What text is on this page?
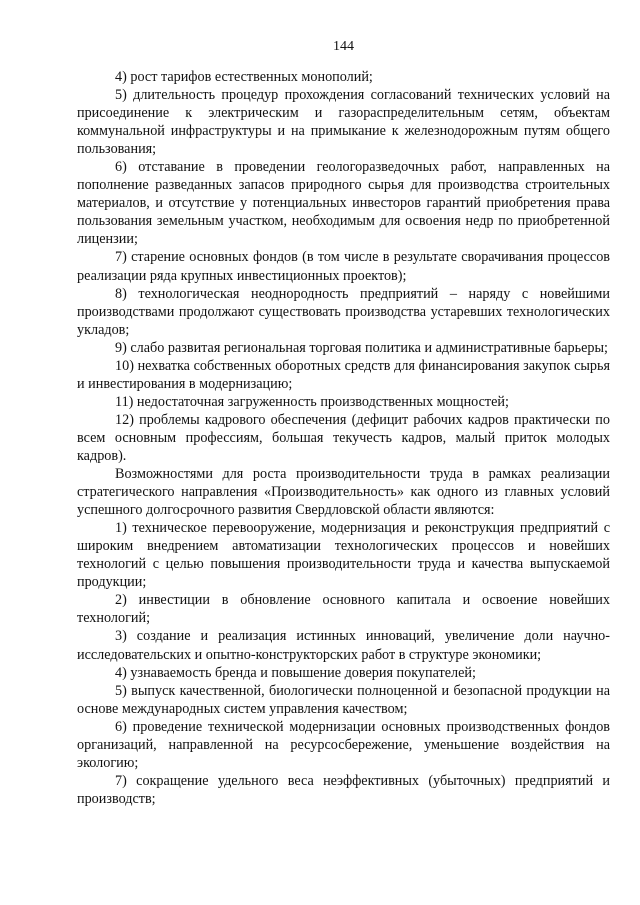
144

4) рост тарифов естественных монополий;

5) длительность процедур прохождения согласований технических условий на присоединение к электрическим и газораспределительным сетям, объектам коммунальной инфраструктуры и на примыкание к железнодорожным путям общего пользования;

6) отставание в проведении геологоразведочных работ, направленных на пополнение разведанных запасов природного сырья для производства строительных материалов, и отсутствие у потенциальных инвесторов гарантий приобретения права пользования земельным участком, необходимым для освоения недр по приобретенной лицензии;

7) старение основных фондов (в том числе в результате сворачивания процессов реализации ряда крупных инвестиционных проектов);

8) технологическая неоднородность предприятий – наряду с новейшими производствами продолжают существовать производства устаревших технологических укладов;

9) слабо развитая региональная торговая политика и административные барьеры;

10) нехватка собственных оборотных средств для финансирования закупок сырья и инвестирования в модернизацию;

11) недостаточная загруженность производственных мощностей;

12) проблемы кадрового обеспечения (дефицит рабочих кадров практически по всем основным профессиям, большая текучесть кадров, малый приток молодых кадров).

Возможностями для роста производительности труда в рамках реализации стратегического направления «Производительность» как одного из главных условий успешного долгосрочного развития Свердловской области являются:

1) техническое перевооружение, модернизация и реконструкция предприятий с широким внедрением автоматизации технологических процессов и новейших технологий с целью повышения производительности труда и качества выпускаемой продукции;

2) инвестиции в обновление основного капитала и освоение новейших технологий;

3) создание и реализация истинных инноваций, увеличение доли научно-исследовательских и опытно-конструкторских работ в структуре экономики;

4) узнаваемость бренда и повышение доверия покупателей;

5) выпуск качественной, биологически полноценной и безопасной продукции на основе международных систем управления качеством;

6) проведение технической модернизации основных производственных фондов организаций, направленной на ресурсосбережение, уменьшение воздействия на экологию;

7) сокращение удельного веса неэффективных (убыточных) предприятий и производств;
